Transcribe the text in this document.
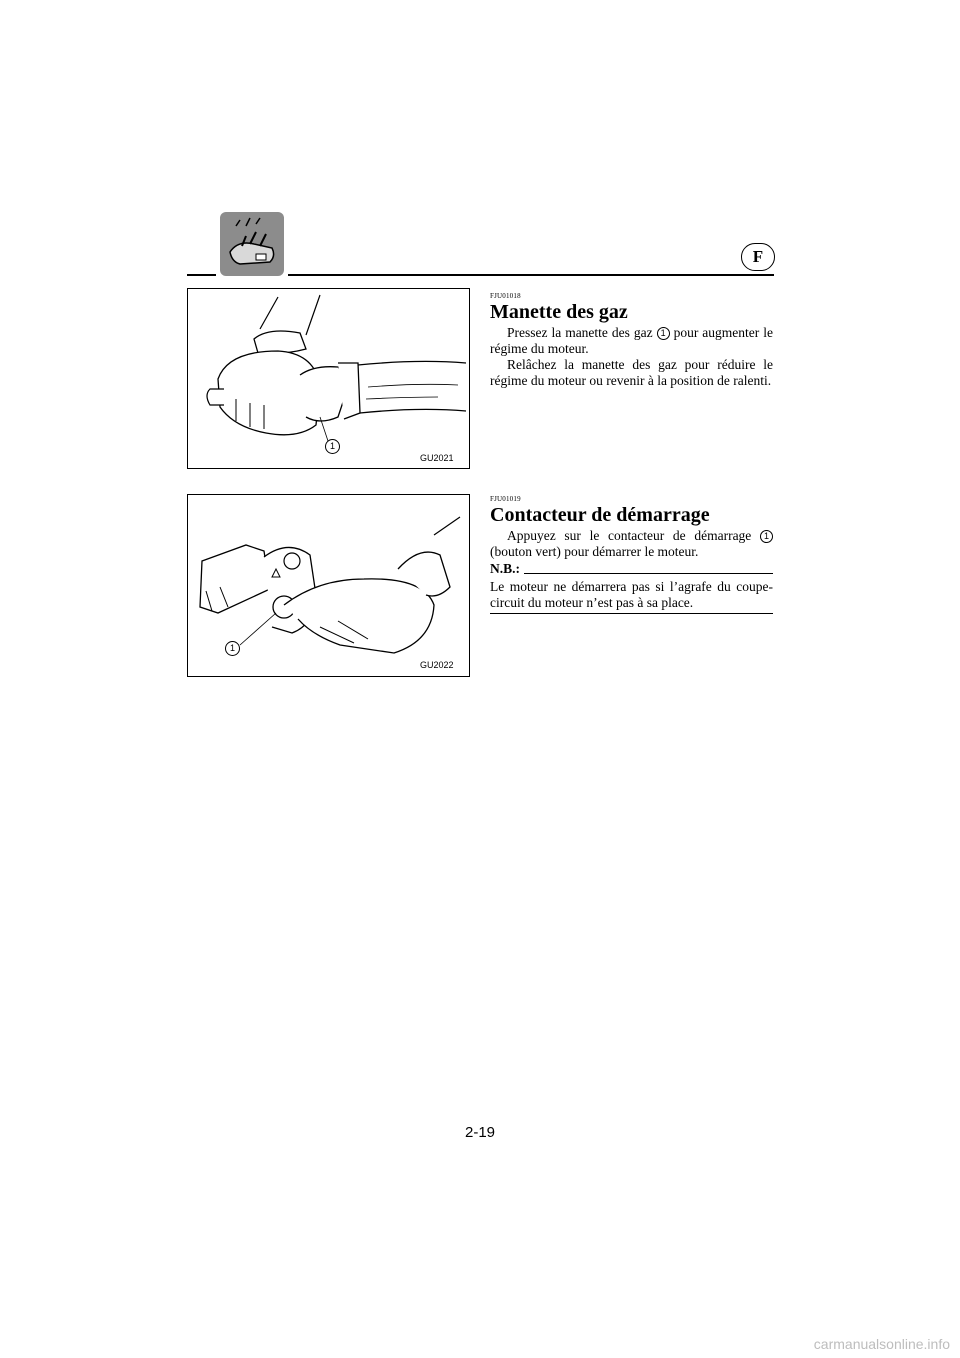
F
GU2021
1
FJU01018
Manette des gaz

Pressez la manette des gaz 1 pour augmenter le régime du moteur.

Relâchez la manette des gaz pour réduire le régime du moteur ou revenir à la position de ralenti.

GU2022
1
FJU01019
Contacteur de démarrage

Appuyez sur le contacteur de démarrage 1 (bouton vert) pour démarrer le moteur.

N.B.:
Le moteur ne démarrera pas si l’agrafe du coupe-circuit du moteur n’est pas à sa place.
2-19
carmanualsonline.info
